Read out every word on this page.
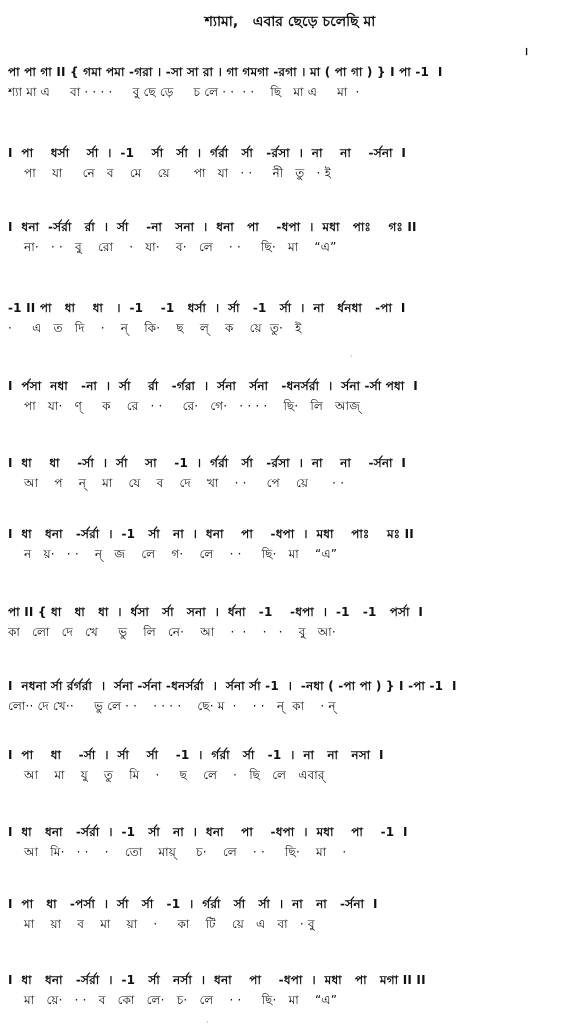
শ্যামা,   এবার ছেড়ে চলেছি মা
।
পা পা গা II { গমা পমা -গরা । -সা সা রা । গা গমগা -রগা । মা ( পা গা ) } I পা -1  I
শ্যা মা এ     বা · · · ·     বু ছে ড়ে     চ লে · ·  · ·    ছি   মা এ     মা  ·
I  পা    ধর্সা    র্সা  ।  -1    র্সা   র্সা  ।  র্গর্রা   র্সা   -র্রসা  ।  না    না    -র্সনা  I
পা    যা     নে   ব    মে    য়ে      পা   যা   · ·     নী   তু   · ই
I  ধনা  -র্সর্রা   র্রা  ।  র্সা    -না   সনা  ।  ধনা   পা    -ধপা  ।  মধা   পাঃ    গঃ II
না·   · ·   বু    রো    ·   যা·    ব·   লে    · ·     ছি·   মা    “এ”
-1 II পা   ধা    ধা   ।  -1    -1   ধর্সা  ।  র্সা   -1   র্সা  ।  না   র্ধনধা   -পা  I
·     এ   ত   দি    ·    ন্    কি·    ছ    ল্    ক    য়ে  তু·   ই
I  র্পসা  নধা   -না  ।  র্সা    র্রা   -র্গরা  ।  র্সনা   র্সনা   -ধনর্সর্রা  ।  র্সনা -র্সা পধা  I
পা   যা·   ণ্     ক    রে   · ·     রে·   গে·   · · · ·    ছি·   লি   আজ্
I  ধা    ধা    -র্সা  ।  র্সা    সা    -1  ।  র্গর্রা   র্সা   -র্রসা  ।  না    না    -র্সনা  I
আ    প    ন্    মা    যে    ব    দে    খা    · ·     পে    য়ে      · ·
I  ধা   ধনা   -র্সর্রা  ।  -1   র্সা   না  ।  ধনা    পা    -ধপা  ।  মধা    পাঃ    মঃ II
ন   য়·   · ·    ন্   জ    লে    গ·    লে    · ·     ছি·   মা    “এ”
পা II { ধা   ধা   ধা  ।  র্ধসা   র্সা   সনা  ।  র্ধনা   -1    -ধপা  ।  -1   -1   পর্সা  I
কা   লো   দে   খে     ভু    লি   নে·    আ    ·  ·    ·   ·    বু   আ·
I  নধনা র্সা র্রর্গর্রা  ।  র্সনা -র্সনা -ধনর্সর্রা  ।  র্সনা র্সা -1  ।  -নধা ( -পা পা ) } I -পা -1  I
লো·· দে খে··     ভু লে · ·    · · · ·    ছে· ম  ·    · ·   ন্  কা    · ন্
I  পা    ধা    -র্সা  ।  র্সা    র্সা    -1  ।  র্গর্রা   র্সা   -1  ।  না   না   নসা  I
আ    মা    যু    তু    মি    ·     ছ    লে    ·   ছি   লে   এবার্
I  ধা   ধনা   -র্সর্রা  ।  -1   র্সা   না  ।  ধনা    পা    -ধপা  ।  মধা    পা    -1  I
আ   মি·   · ·    ·    তো    মায়্     চ·    লে    · ·     ছি·    মা    ·
I  পা   ধা   -পর্সা  ।  র্সা   র্সা   -1  ।  র্গর্রা   র্সা   র্সা  ।  না   না   -র্সনা  I
মা    য়া    ব    মা    য়া    ·     কা    টি    য়ে   এ   বা   · বু
I  ধা   ধনা   -র্সর্রা  ।  -1   র্সা   নর্সা  ।  ধনা    পা    -ধপা  ।  মধা   পা   মগা II II
মা   য়ে·   · ·   ব   কো   লে·   চ·   লে    · ·     ছি·   মা    “এ”
·
·
